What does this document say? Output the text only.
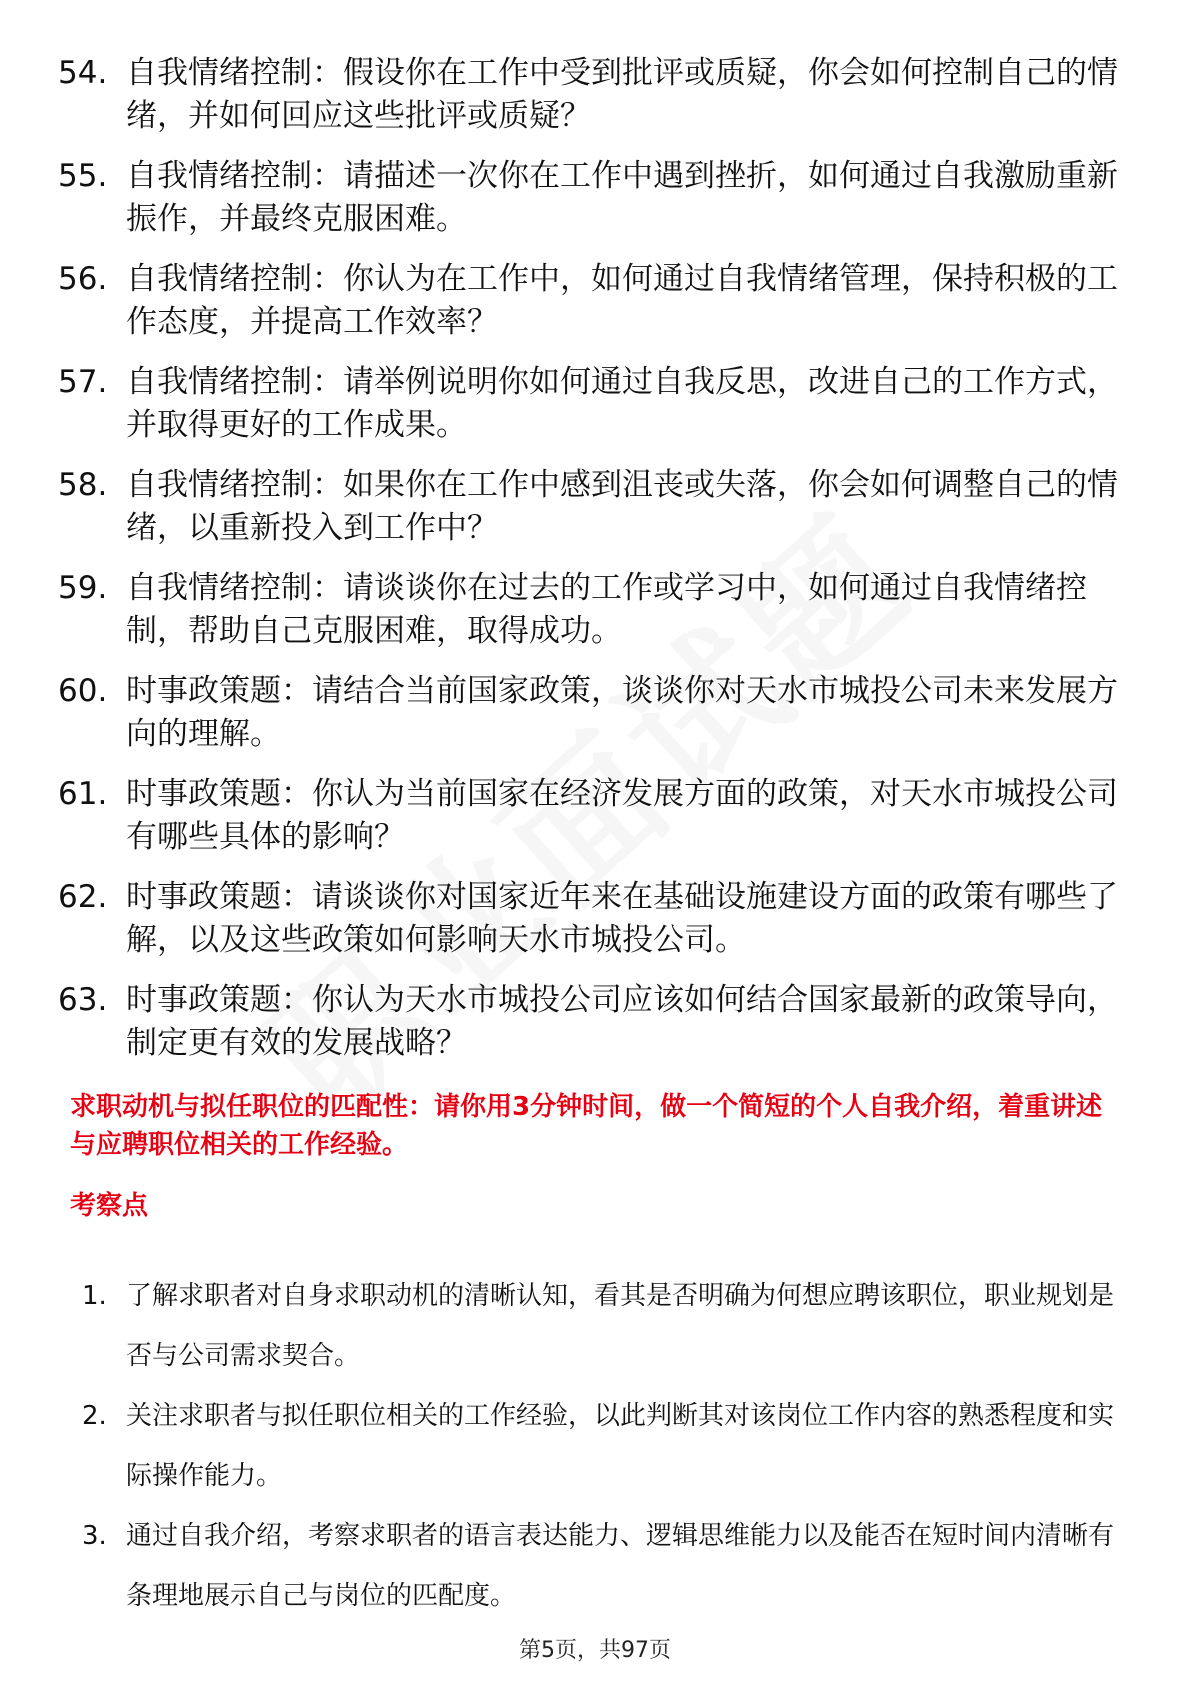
54. 自我情绪控制：假设你在工作中受到批评或质疑，你会如何控制自己的情绪，并如何回应这些批评或质疑？
55. 自我情绪控制：请描述一次你在工作中遇到挫折，如何通过自我激励重新振作，并最终克服困难。
56. 自我情绪控制：你认为在工作中，如何通过自我情绪管理，保持积极的工作态度，并提高工作效率？
57. 自我情绪控制：请举例说明你如何通过自我反思，改进自己的工作方式，并取得更好的工作成果。
58. 自我情绪控制：如果你在工作中感到沮丧或失落，你会如何调整自己的情绪，以重新投入到工作中？
59. 自我情绪控制：请谈谈你在过去的工作或学习中，如何通过自我情绪控制，帮助自己克服困难，取得成功。
60. 时事政策题：请结合当前国家政策，谈谈你对天水市城投公司未来发展方向的理解。
61. 时事政策题：你认为当前国家在经济发展方面的政策，对天水市城投公司有哪些具体的影响？
62. 时事政策题：请谈谈你对国家近年来在基础设施建设方面的政策有哪些了解，以及这些政策如何影响天水市城投公司。
63. 时事政策题：你认为天水市城投公司应该如何结合国家最新的政策导向，制定更有效的发展战略？
求职动机与拟任职位的匹配性：请你用3分钟时间，做一个简短的个人自我介绍，着重讲述与应聘职位相关的工作经验。
考察点
1. 了解求职者对自身求职动机的清晰认知，看其是否明确为何想应聘该职位，职业规划是否与公司需求契合。
2. 关注求职者与拟任职位相关的工作经验，以此判断其对该岗位工作内容的熟悉程度和实际操作能力。
3. 通过自我介绍，考察求职者的语言表达能力、逻辑思维能力以及能否在短时间内清晰有条理地展示自己与岗位的匹配度。
第5页，共97页
